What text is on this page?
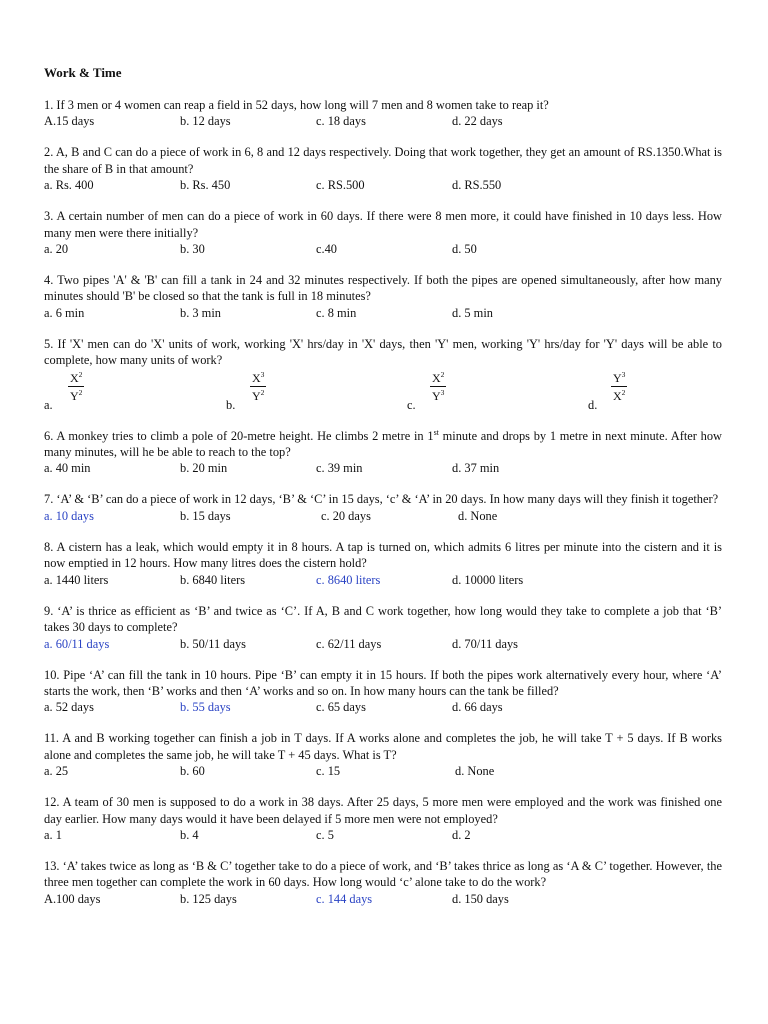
Work & Time

1. If 3 men or 4 women can reap a field in 52 days, how long will 7 men and 8 women take to reap it?

A.15 days	b. 12 days	c. 18 days	d. 22 days

2. A, B and C can do a piece of work in 6, 8 and 12 days respectively. Doing that work together, they get an amount of RS.1350.What is the share of B in that amount?

a. Rs. 400	b. Rs. 450	c. RS.500	d. RS.550

3. A certain number of men can do a piece of work in 60 days. If there were 8 men more, it could have finished in 10 days less. How many men were there initially?

a. 20	b. 30	c.40	d. 50

4. Two pipes 'A' & 'B' can fill a tank in 24 and 32 minutes respectively. If both the pipes are opened simultaneously, after how many minutes should 'B' be closed so that the tank is full in 18 minutes?

a. 6 min	b. 3 min	c. 8 min	d. 5 min

5. If 'X' men can do 'X' units of work, working 'X' hrs/day in 'X' days, then 'Y' men, working 'Y' hrs/day for 'Y' days will be able to complete, how many units of work?

a.
$\frac{X^2}{Y^2}$
b.
$\frac{X^3}{Y^2}$
c.
$\frac{X^2}{Y^3}$
d.
$\frac{Y^3}{X^2}$

6. A monkey tries to climb a pole of 20-metre height. He climbs 2 metre in 1st minute and drops by 1 metre in next minute. After how many minutes, will he be able to reach to the top?

a. 40 min	b. 20 min	c. 39 min	d. 37 min

7. ‘A’ & ‘B’ can do a piece of work in 12 days, ‘B’ & ‘C’ in 15 days, ‘c’ & ‘A’ in 20 days. In how many days will they finish it together?

a. 10 days	b. 15 days	c. 20 days	d. None

8. A cistern has a leak, which would empty it in 8 hours. A tap is turned on, which admits 6 litres per minute into the cistern and it is now emptied in 12 hours. How many litres does the cistern hold?

a. 1440 liters	b. 6840 liters	c. 8640 liters	d. 10000 liters

9. ‘A’ is thrice as efficient as ‘B’ and twice as ‘C’. If A, B and C work together, how long would they take to complete a job that ‘B’ takes 30 days to complete?

a. 60/11 days	b. 50/11 days	c. 62/11 days	d. 70/11 days

10. Pipe ‘A’ can fill the tank in 10 hours. Pipe ‘B’ can empty it in 15 hours. If both the pipes work alternatively every hour, where ‘A’ starts the work, then ‘B’ works and then ‘A’ works and so on. In how many hours can the tank be filled?

a. 52 days	b. 55 days	c. 65 days	d. 66 days

11. A and B working together can finish a job in T days. If A works alone and completes the job, he will take T + 5 days. If B works alone and completes the same job, he will take T + 45 days. What is T?

a. 25	b. 60	c. 15	d. None

12. A team of 30 men is supposed to do a work in 38 days. After 25 days, 5 more men were employed and the work was finished one day earlier. How many days would it have been delayed if 5 more men were not employed?

a. 1	b. 4	c. 5	d. 2

13. ‘A’ takes twice as long as ‘B & C’ together take to do a piece of work, and ‘B’ takes thrice as long as ‘A & C’ together. However, the three men together can complete the work in 60 days. How long would ‘c’ alone take to do the work?

A.100 days	b. 125 days	c. 144 days	d. 150 days
